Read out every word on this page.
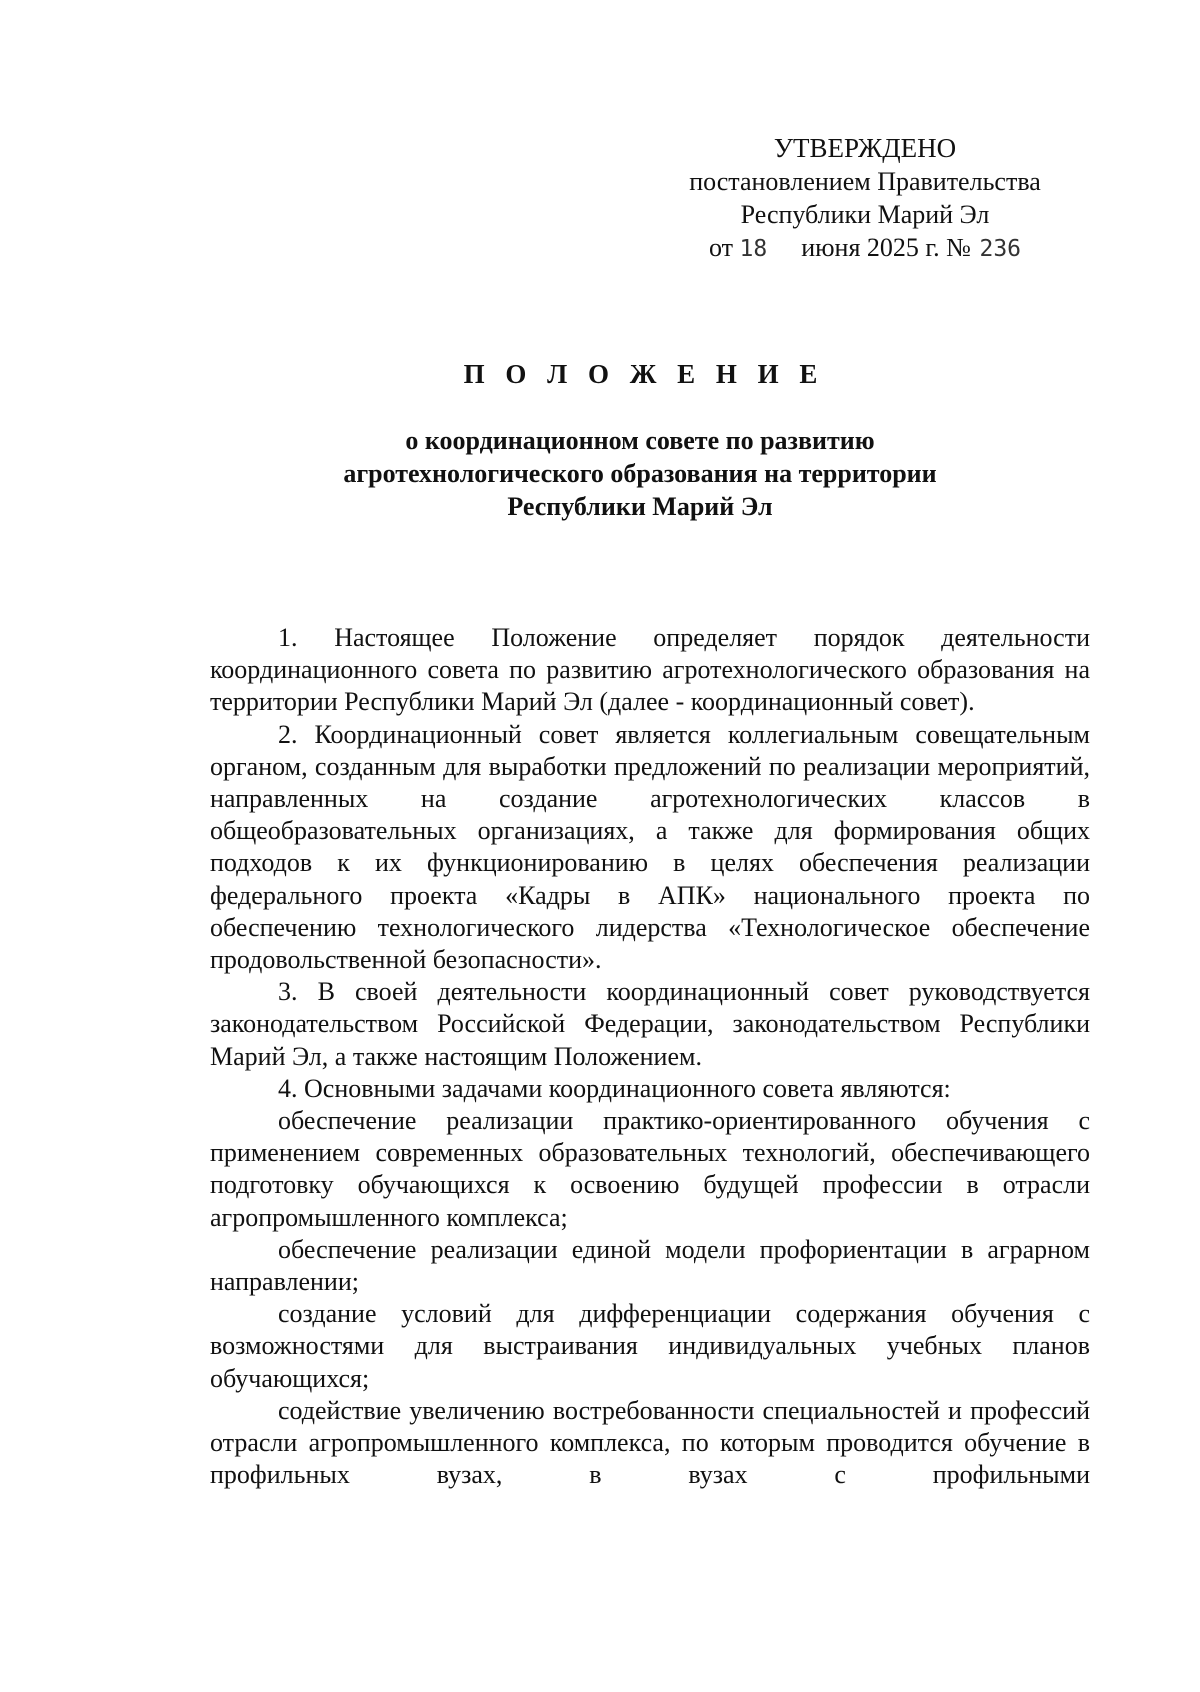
УТВЕРЖДЕНО
постановлением Правительства
Республики Марий Эл
от 18 июня 2025 г. № 236
П О Л О Ж Е Н И Е
о координационном совете по развитию
агротехнологического образования на территории
Республики Марий Эл

1. Настоящее Положение определяет порядок деятельности координационного совета по развитию агротехнологического образования на территории Республики Марий Эл (далее - координационный совет).

2. Координационный совет является коллегиальным совещательным органом, созданным для выработки предложений по реализации мероприятий, направленных на создание агротехнологических классов в общеобразовательных организациях, а также для формирования общих подходов к их функционированию в целях обеспечения реализации федерального проекта «Кадры в АПК» национального проекта по обеспечению технологического лидерства «Технологическое обеспечение продовольственной безопасности».

3. В своей деятельности координационный совет руководствуется законодательством Российской Федерации, законодательством Республики Марий Эл, а также настоящим Положением.

4. Основными задачами координационного совета являются:

обеспечение реализации практико-ориентированного обучения с применением современных образовательных технологий, обеспечивающего подготовку обучающихся к освоению будущей профессии в отрасли агропромышленного комплекса;

обеспечение реализации единой модели профориентации в аграрном направлении;

создание условий для дифференциации содержания обучения с возможностями для выстраивания индивидуальных учебных планов обучающихся;

содействие увеличению востребованности специальностей и профессий отрасли агропромышленного комплекса, по которым проводится обучение в профильных вузах, в вузах с профильными
